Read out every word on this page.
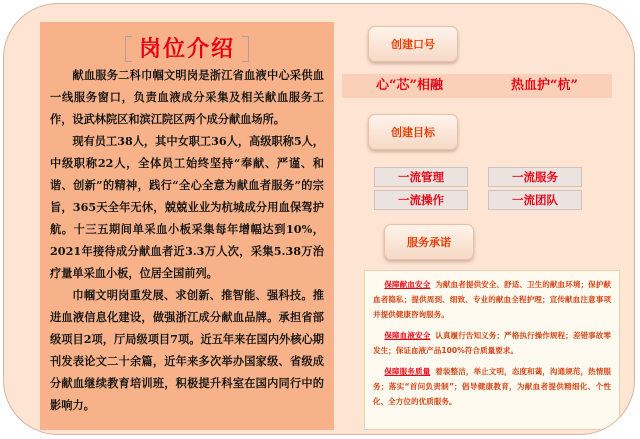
岗位介绍

献血服务二科巾帼文明岗是浙江省血液中心采供血一线服务窗口，负责血液成分采集及相关献血服务工作，设武林院区和滨江院区两个成分献血场所。

现有员工38人，其中女职工36人，高级职称5人，中级职称22人，全体员工始终坚持“奉献、严谨、和谐、创新”的精神，践行“全心全意为献血者服务”的宗旨，365天全年无休，兢兢业业为杭城成分用血保驾护航。十三五期间单采血小板采集每年增幅达到10%，2021年接待成分献血者近3.3万人次，采集5.38万治疗量单采血小板，位居全国前列。

巾帼文明岗重发展、求创新、推智能、强科技。推进血液信息化建设，做强浙江成分献血品牌。承担省部级项目2项，厅局级项目7项。近五年来在国内外核心期刊发表论文二十余篇，近年来多次举办国家级、省级成分献血继续教育培训班，积极提升科室在国内同行中的影响力。

创建口号
心“芯”相融	热血护“杭”
创建目标
一流管理	一流服务
一流操作	一流团队
服务承诺

保障献血安全 为献血者提供安全、舒适、卫生的献血环境；保护献血者隐私；提供周到、细致、专业的献血全程护理；宣传献血注意事项并提供健康咨询服务。

保障血液安全 认真履行告知义务；严格执行操作规程；差错事故零发生；保证血液产品100%符合质量要求。

保障服务质量 着装整洁，举止文明，态度和蔼，沟通规范，热情服务；落实“首问负责制”；倡导健康教育，为献血者提供精细化、个性化、全方位的优质服务。
